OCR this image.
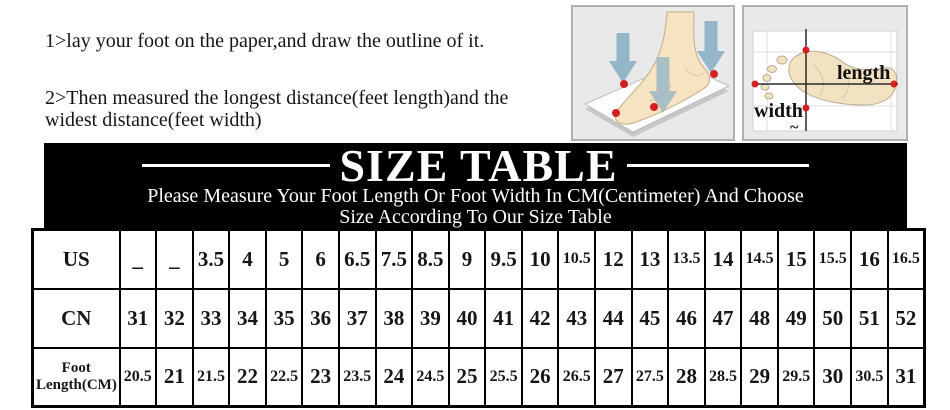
1>lay your foot on the paper,and draw the outline of it.

2>Then measured the longest distance(feet length)and the widest distance(feet width)

length
width
~
SIZE TABLE
Please Measure Your Foot Length Or Foot Width In CM(Centimeter) And Choose
Size According To Our Size Table
US	_	_	3.5	4	5	6	6.5	7.5	8.5	9	9.5	10	10.5	12	13	13.5	14	14.5	15	15.5	16	16.5
CN	31	32	33	34	35	36	37	38	39	40	41	42	43	44	45	46	47	48	49	50	51	52
Foot Length(CM)	20.5	21	21.5	22	22.5	23	23.5	24	24.5	25	25.5	26	26.5	27	27.5	28	28.5	29	29.5	30	30.5	31
